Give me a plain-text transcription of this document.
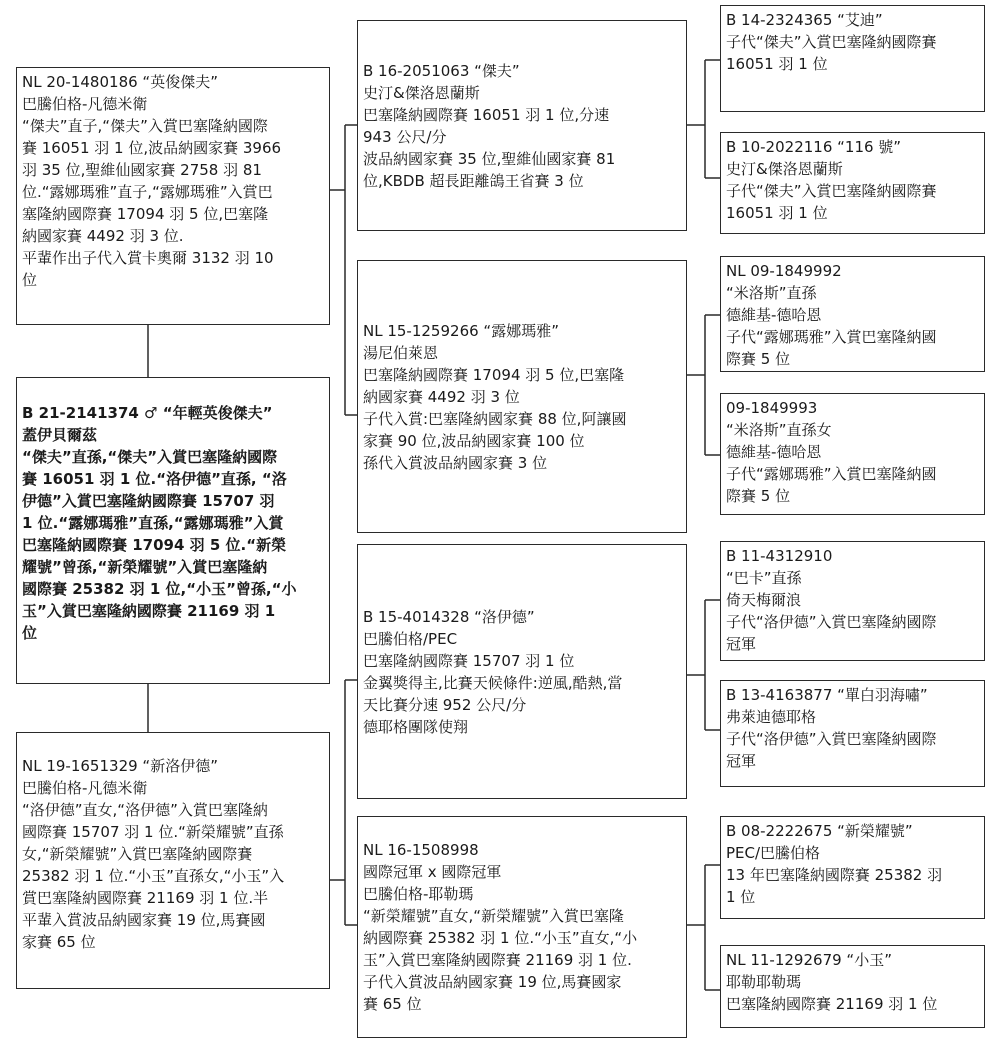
NL 20-1480186 “英俊傑夫”
巴騰伯格-凡德米衛
“傑夫”直子,“傑夫”入賞巴塞隆納國際
賽 16051 羽 1 位,波品納國家賽 3966
羽 35 位,聖維仙國家賽 2758 羽 81
位.“露娜瑪雅”直子,“露娜瑪雅”入賞巴
塞隆納國際賽 17094 羽 5 位,巴塞隆
納國家賽 4492 羽 3 位.
平輩作出子代入賞卡奧爾 3132 羽 10
位
B 21-2141374 ♂ “年輕英俊傑夫”
蓋伊貝爾茲
“傑夫”直孫,“傑夫”入賞巴塞隆納國際
賽 16051 羽 1 位.“洛伊德”直孫, “洛
伊德”入賞巴塞隆納國際賽 15707 羽
1 位.“露娜瑪雅”直孫,“露娜瑪雅”入賞
巴塞隆納國際賽 17094 羽 5 位.“新榮
耀號”曾孫,“新榮耀號”入賞巴塞隆納
國際賽 25382 羽 1 位,“小玉”曾孫,“小
玉”入賞巴塞隆納國際賽 21169 羽 1
位
NL 19-1651329 “新洛伊德”
巴騰伯格-凡德米衛
“洛伊德”直女,“洛伊德”入賞巴塞隆納
國際賽 15707 羽 1 位.“新榮耀號”直孫
女,“新榮耀號”入賞巴塞隆納國際賽
25382 羽 1 位.“小玉”直孫女,“小玉”入
賞巴塞隆納國際賽 21169 羽 1 位.半
平輩入賞波品納國家賽 19 位,馬賽國
家賽 65 位
B 16-2051063 “傑夫”
史汀&傑洛恩蘭斯
巴塞隆納國際賽 16051 羽 1 位,分速
943 公尺/分
波品納國家賽 35 位,聖維仙國家賽 81
位,KBDB 超長距離鴿王省賽 3 位
NL 15-1259266 “露娜瑪雅”
湯尼伯萊恩
巴塞隆納國際賽 17094 羽 5 位,巴塞隆
納國家賽 4492 羽 3 位
子代入賞:巴塞隆納國家賽 88 位,阿讓國
家賽 90 位,波品納國家賽 100 位
孫代入賞波品納國家賽 3 位
B 15-4014328 “洛伊德”
巴騰伯格/PEC
巴塞隆納國際賽 15707 羽 1 位
金翼獎得主,比賽天候條件:逆風,酷熱,當
天比賽分速 952 公尺/分
德耶格團隊使翔
NL 16-1508998
國際冠軍 x 國際冠軍
巴騰伯格-耶勒瑪
“新榮耀號”直女,“新榮耀號”入賞巴塞隆
納國際賽 25382 羽 1 位.“小玉”直女,“小
玉”入賞巴塞隆納國際賽 21169 羽 1 位.
子代入賞波品納國家賽 19 位,馬賽國家
賽 65 位
B 14-2324365 “艾迪”
子代“傑夫”入賞巴塞隆納國際賽
16051 羽 1 位
B 10-2022116 “116 號”
史汀&傑洛恩蘭斯
子代“傑夫”入賞巴塞隆納國際賽
16051 羽 1 位
NL 09-1849992
“米洛斯”直孫
德維基-德哈恩
子代“露娜瑪雅”入賞巴塞隆納國
際賽 5 位
09-1849993
“米洛斯”直孫女
德維基-德哈恩
子代“露娜瑪雅”入賞巴塞隆納國
際賽 5 位
B 11-4312910
“巴卡”直孫
倚天梅爾浪
子代“洛伊德”入賞巴塞隆納國際
冠軍
B 13-4163877 “單白羽海嘯”
弗萊迪德耶格
子代“洛伊德”入賞巴塞隆納國際
冠軍
B 08-2222675 “新榮耀號”
PEC/巴騰伯格
13 年巴塞隆納國際賽 25382 羽
1 位
NL 11-1292679 “小玉”
耶勒耶勒瑪
巴塞隆納國際賽 21169 羽 1 位
